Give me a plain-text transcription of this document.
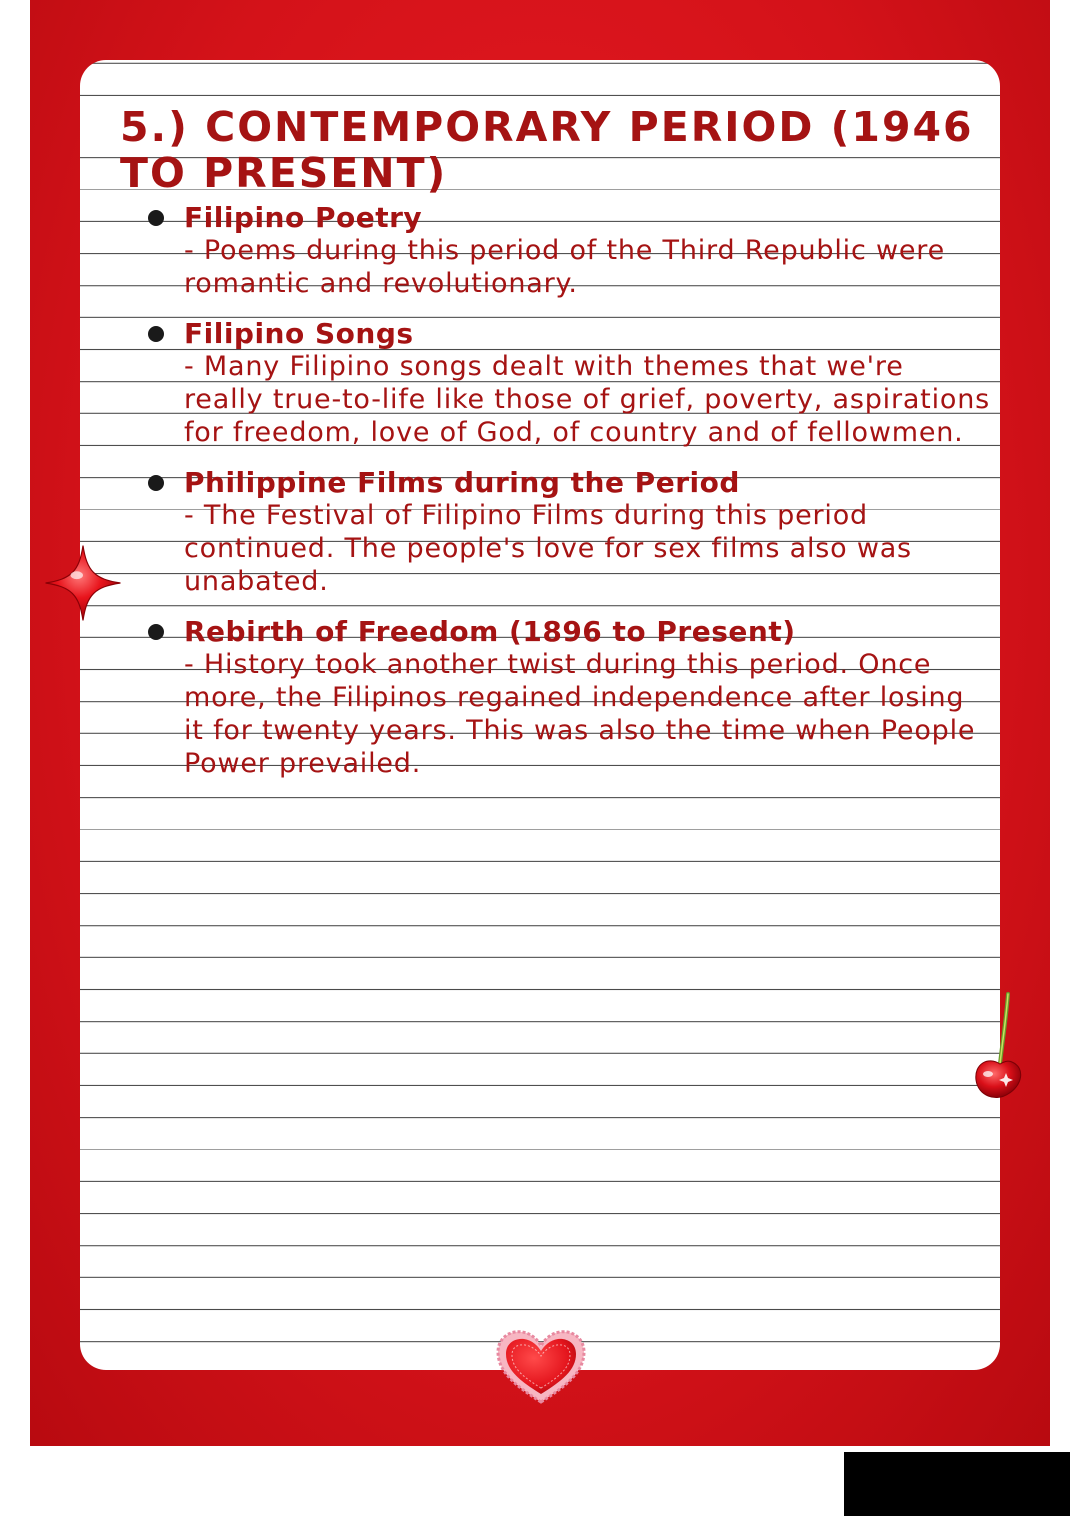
5.) CONTEMPORARY PERIOD (1946 TO PRESENT)
Filipino Poetry
- Poems during this period of the Third Republic were romantic and revolutionary.
Filipino Songs
- Many Filipino songs dealt with themes that we're really true-to-life like those of grief, poverty, aspirations for freedom, love of God, of country and of fellowmen.
Philippine Films during the Period
- The Festival of Filipino Films during this period continued. The people's love for sex films also was unabated.
Rebirth of Freedom (1896 to Present)
- History took another twist during this period. Once more, the Filipinos regained independence after losing it for twenty years. This was also the time when People Power prevailed.
